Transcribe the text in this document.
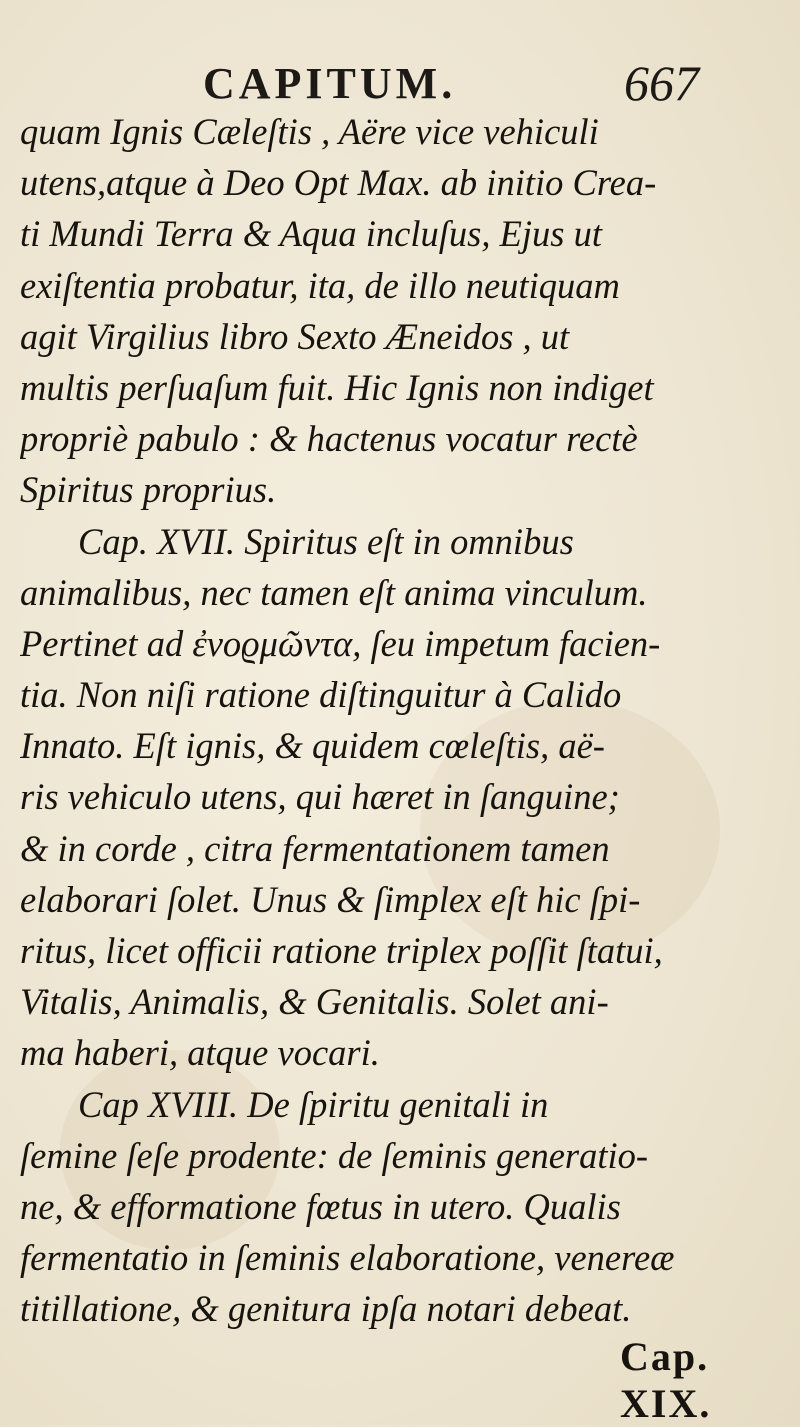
CAPITUM.	667
quam Ignis Cæleſtis , Aëre vice vehiculi
utens,atque à Deo Opt Max. ab initio Crea-
ti Mundi Terra & Aqua incluſus, Ejus ut
exiſtentia probatur, ita, de illo neutiquam
agit Virgilius libro Sexto Æneidos , ut
multis perſuaſum fuit. Hic Ignis non indiget
propriè pabulo : & hactenus vocatur rectè
Spiritus proprius.
Cap. XVII. Spiritus eſt in omnibus
animalibus, nec tamen eſt anima vinculum.
Pertinet ad ἐνοϱμῶντα, ſeu impetum facien-
tia. Non niſi ratione diſtinguitur à Calido
Innato. Eſt ignis, & quidem cœleſtis, aë-
ris vehiculo utens, qui hæret in ſanguine;
& in corde , citra fermentationem tamen
elaborari ſolet. Unus & ſimplex eſt hic ſpi-
ritus, licet officii ratione triplex poſſit ſtatui,
Vitalis, Animalis, & Genitalis. Solet ani-
ma haberi, atque vocari.
Cap XVIII. De ſpiritu genitali in
ſemine ſeſe prodente: de ſeminis generatio-
ne, & efformatione fœtus in utero. Qualis
fermentatio in ſeminis elaboratione, venereæ
titillatione, & genitura ipſa notari debeat.
Cap. XIX.
